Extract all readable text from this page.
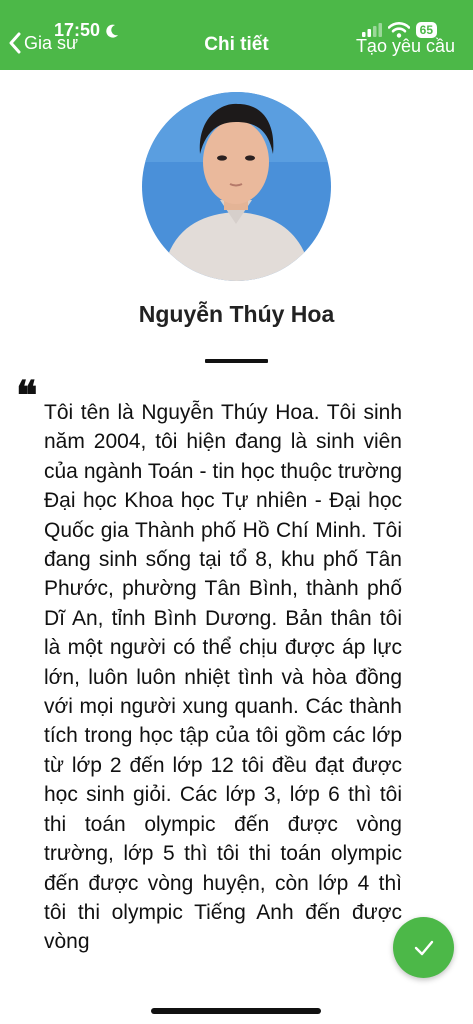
17:50	65
Gia sư	Chi tiết	Tạo yêu cầu
Nguyễn Thúy Hoa
❝ Tôi tên là Nguyễn Thúy Hoa. Tôi sinh năm 2004, tôi hiện đang là sinh viên của ngành Toán - tin học thuộc trường Đại học Khoa học Tự nhiên - Đại học Quốc gia Thành phố Hồ Chí Minh. Tôi đang sinh sống tại tổ 8, khu phố Tân Phước, phường Tân Bình, thành phố Dĩ An, tỉnh Bình Dương. Bản thân tôi là một người có thể chịu được áp lực lớn, luôn luôn nhiệt tình và hòa đồng với mọi người xung quanh. Các thành tích trong học tập của tôi gồm các lớp từ lớp 2 đến lớp 12 tôi đều đạt được học sinh giỏi. Các lớp 3, lớp 6 thì tôi thi toán olympic đến được vòng trường, lớp 5 thì tôi thi toán olympic đến được vòng huyện, còn lớp 4 thì tôi thi olympic Tiếng Anh đến được vòng
